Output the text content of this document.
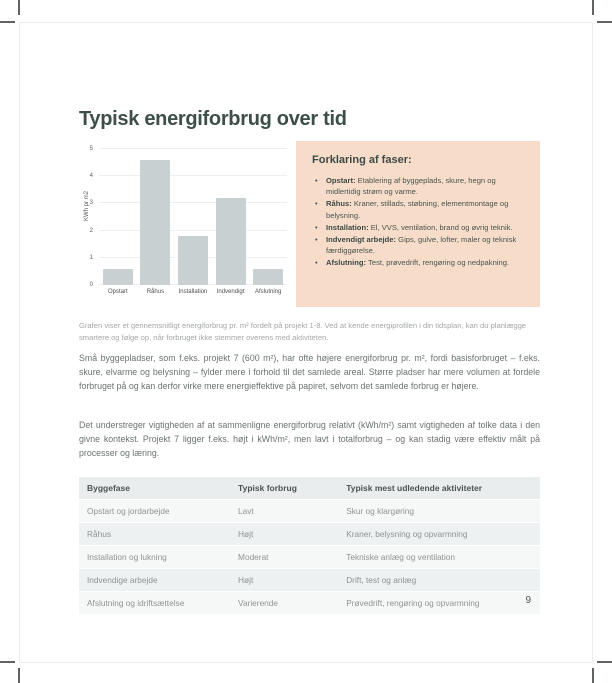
Typisk energiforbrug over tid
KWh pr m2
0
1
2
3
4
5
Opstart	Råhus	Installation	Indvendigt	Afslutning
Forklaring af faser:
• Opstart: Etablering af byggeplads, skure, hegn og midlertidig strøm og varme.
• Råhus: Kraner, stillads, støbning, elementmontage og belysning.
• Installation: El, VVS, ventilation, brand og øvrig teknik.
• Indvendigt arbejde: Gips, gulve, lofter, maler og teknisk færdiggørelse.
• Afslutning: Test, prøvedrift, rengøring og nedpakning.

Grafen viser et gennemsnitligt energiforbrug pr. m² fordelt på projekt 1-8. Ved at kende energiprofilen i din tidsplan, kan du planlægge smartere og følge op, når forbruget ikke stemmer overens med aktiviteten.

Små byggepladser, som f.eks. projekt 7 (600 m²), har ofte højere energiforbrug pr. m², fordi basisforbruget – f.eks. skure, elvarme og belysning – fylder mere i forhold til det samlede areal. Større pladser har mere volumen at fordele forbruget på og kan derfor virke mere energieffektive på papiret, selvom det samlede forbrug er højere.

Det understreger vigtigheden af at sammenligne energiforbrug relativt (kWh/m²) samt vigtigheden af tolke data i den givne kontekst. Projekt 7 ligger f.eks. højt i kWh/m², men lavt i totalforbrug – og kan stadig være effektiv målt på processer og læring.

Byggefase	Typisk forbrug	Typisk mest udledende aktiviteter
Opstart og jordarbejde	Lavt	Skur og klargøring
Råhus	Højt	Kraner, belysning og opvarmning
Installation og lukning	Moderat	Tekniske anlæg og ventilation
Indvendige arbejde	Højt	Drift, test og anlæg
Afslutning og idriftsættelse	Varierende	Prøvedrift, rengøring og opvarmning	9
